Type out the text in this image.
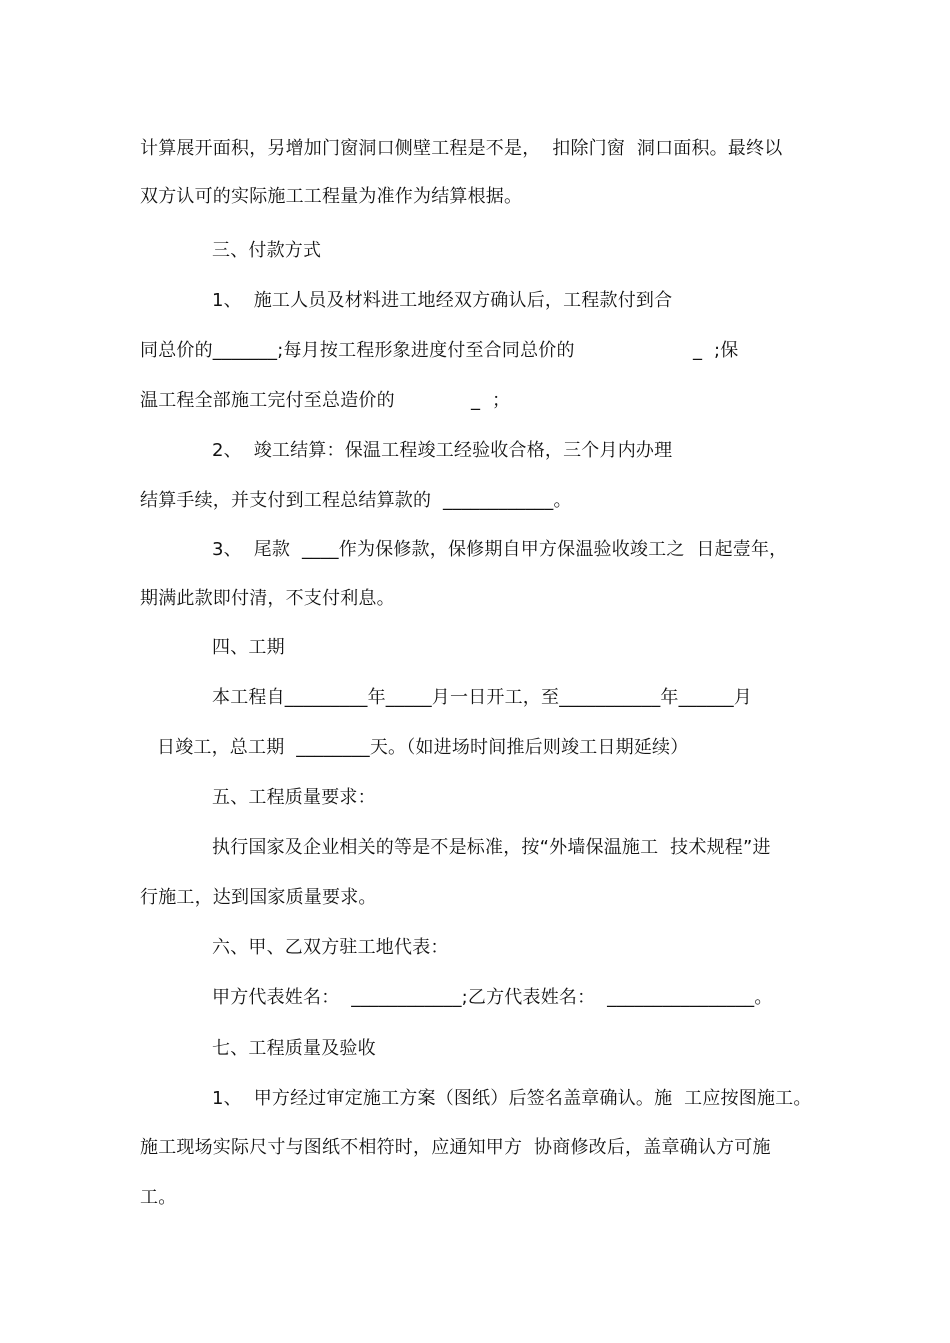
计算展开面积，另增加门窗洞口侧壁工程是不是，  扣除门窗  洞口面积。最终以
双方认可的实际施工工程量为准作为结算根据。
三、付款方式
1、  施工人员及材料进工地经双方确认后，工程款付到合
同总价的_______;每月按工程形象进度付至合同总价的	_  ;保
温工程全部施工完付至总造价的	_  ；
2、  竣工结算：保温工程竣工经验收合格，三个月内办理
结算手续，并支付到工程总结算款的  ____________。
3、  尾款  ____作为保修款，保修期自甲方保温验收竣工之  日起壹年，
期满此款即付清，不支付利息。
四、工期
本工程自_________年_____月一日开工，至___________年______月
日竣工，总工期  ________天。（如进场时间推后则竣工日期延续）
五、工程质量要求：
执行国家及企业相关的等是不是标准，按“外墙保温施工  技术规程”进
行施工，达到国家质量要求。
六、甲、乙双方驻工地代表：
甲方代表姓名：  ____________;乙方代表姓名：  ________________。
七、工程质量及验收
1、  甲方经过审定施工方案（图纸）后签名盖章确认。施  工应按图施工。
施工现场实际尺寸与图纸不相符时，应通知甲方  协商修改后，盖章确认方可施
工。
